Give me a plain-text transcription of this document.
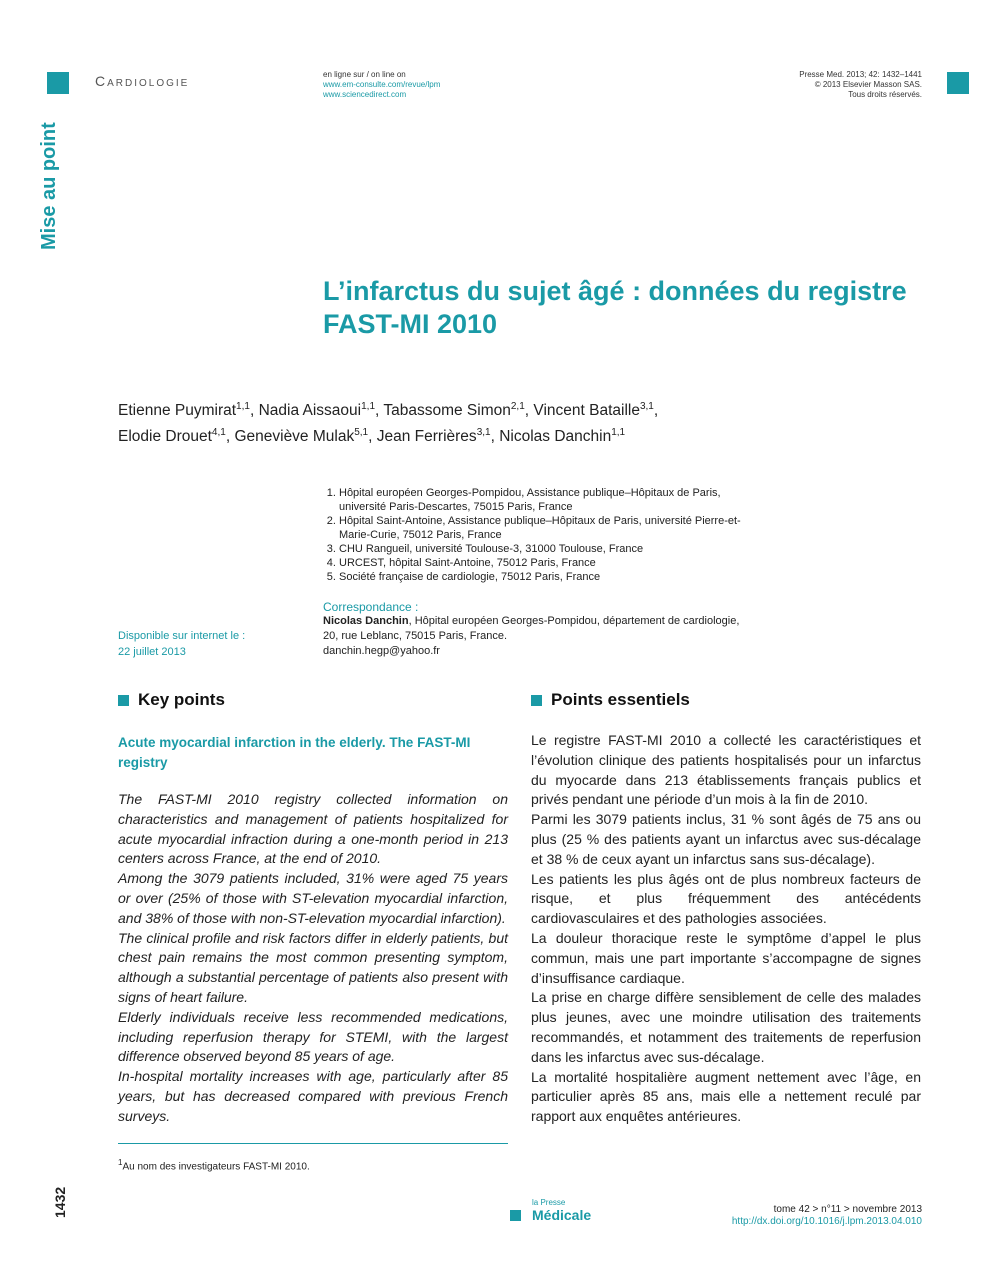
Cardiologie	en ligne sur / on line on
www.em-consulte.com/revue/lpm
www.sciencedirect.com
Presse Med. 2013; 42: 1432–1441
© 2013 Elsevier Masson SAS.
Tous droits réservés.
Mise au point
L’infarctus du sujet âgé : données du registre
FAST-MI 2010
Etienne Puymirat$^{1,1}$, Nadia Aissaoui$^{1,1}$, Tabassome Simon$^{2,1}$, Vincent Bataille$^{3,1}$,
Elodie Drouet$^{4,1}$, Geneviève Mulak$^{5,1}$, Jean Ferrières$^{3,1}$, Nicolas Danchin$^{1,1}$
1. Hôpital européen Georges-Pompidou, Assistance publique–Hôpitaux de Paris, université Paris-Descartes, 75015 Paris, France
2. Hôpital Saint-Antoine, Assistance publique–Hôpitaux de Paris, université Pierre-et-Marie-Curie, 75012 Paris, France
3. CHU Rangueil, université Toulouse-3, 31000 Toulouse, France
4. URCEST, hôpital Saint-Antoine, 75012 Paris, France
5. Société française de cardiologie, 75012 Paris, France
Correspondance :
Nicolas Danchin, Hôpital européen Georges-Pompidou, département de cardiologie,
20, rue Leblanc, 75015 Paris, France.
danchin.hegp@yahoo.fr
Disponible sur internet le :
22 juillet 2013
Key points
Acute myocardial infarction in the elderly. The FAST-MI registry

The FAST-MI 2010 registry collected information on characteristics and management of patients hospitalized for acute myocardial infraction during a one-month period in 213 centers across France, at the end of 2010.

Among the 3079 patients included, 31% were aged 75 years or over (25% of those with ST-elevation myocardial infarction, and 38% of those with non-ST-elevation myocardial infarction).

The clinical profile and risk factors differ in elderly patients, but chest pain remains the most common presenting symptom, although a substantial percentage of patients also present with signs of heart failure.

Elderly individuals receive less recommended medications, including reperfusion therapy for STEMI, with the largest difference observed beyond 85 years of age.

In-hospital mortality increases with age, particularly after 85 years, but has decreased compared with previous French surveys.

Points essentiels

Le registre FAST-MI 2010 a collecté les caractéristiques et l’évolution clinique des patients hospitalisés pour un infarctus du myocarde dans 213 établissements français publics et privés pendant une période d’un mois à la fin de 2010.

Parmi les 3079 patients inclus, 31 % sont âgés de 75 ans ou plus (25 % des patients ayant un infarctus avec sus-décalage et 38 % de ceux ayant un infarctus sans sus-décalage).

Les patients les plus âgés ont de plus nombreux facteurs de risque, et plus fréquemment des antécédents cardiovasculaires et des pathologies associées.

La douleur thoracique reste le symptôme d’appel le plus commun, mais une part importante s’accompagne de signes d’insuffisance cardiaque.

La prise en charge diffère sensiblement de celle des malades plus jeunes, avec une moindre utilisation des traitements recommandés, et notamment des traitements de reperfusion dans les infarctus avec sus-décalage.

La mortalité hospitalière augment nettement avec l’âge, en particulier après 85 ans, mais elle a nettement reculé par rapport aux enquêtes antérieures.

$^1$Au nom des investigateurs FAST-MI 2010.
1432	la Presse
Médicale	tome 42 > n°11 > novembre 2013
http://dx.doi.org/10.1016/j.lpm.2013.04.010
